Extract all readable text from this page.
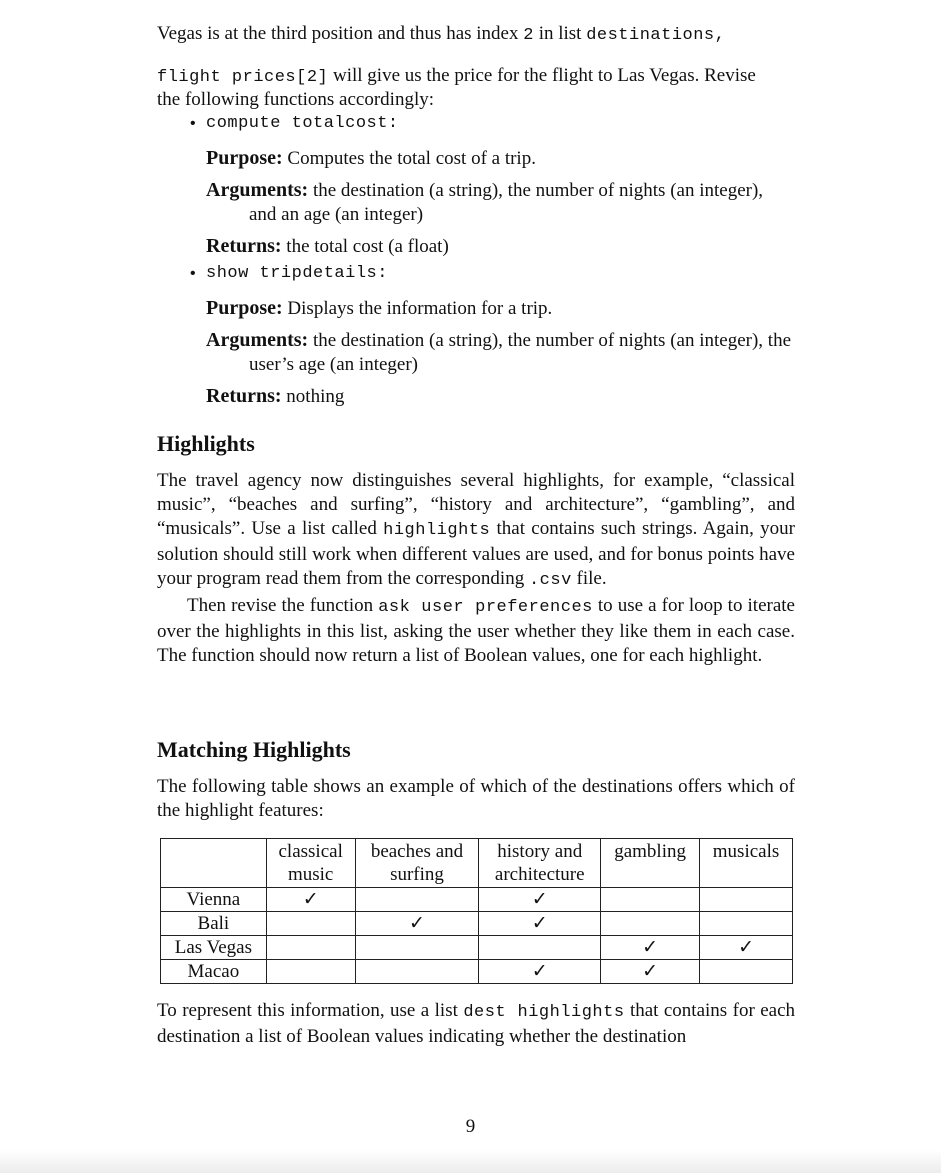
Vegas is at the third position and thus has index 2 in list destinations,

flight prices[2] will give us the price for the flight to Las Vegas. Revise

the following functions accordingly:

• compute totalcost:

Purpose: Computes the total cost of a trip.

Arguments: the destination (a string), the number of nights (an integer), and an age (an integer)

Returns: the total cost (a float)

• show tripdetails:

Purpose: Displays the information for a trip.

Arguments: the destination (a string), the number of nights (an integer), the user’s age (an integer)

Returns: nothing

Highlights

The travel agency now distinguishes several highlights, for example, “classical music”, “beaches and surfing”, “history and architecture”, “gambling”, and “musicals”. Use a list called highlights that contains such strings. Again, your solution should still work when different values are used, and for bonus points have your program read them from the corresponding .csv file.

Then revise the function ask user preferences to use a for loop to iterate over the highlights in this list, asking the user whether they like them in each case. The function should now return a list of Boolean values, one for each highlight.

Matching Highlights

The following table shows an example of which of the destinations offers which of the highlight features:

	classical music	beaches and surfing	history and architecture	gambling	musicals
Vienna	✓		✓		
Bali		✓	✓		
Las Vegas				✓	✓
Macao			✓	✓	

To represent this information, use a list dest highlights that contains for each destination a list of Boolean values indicating whether the destination

9
